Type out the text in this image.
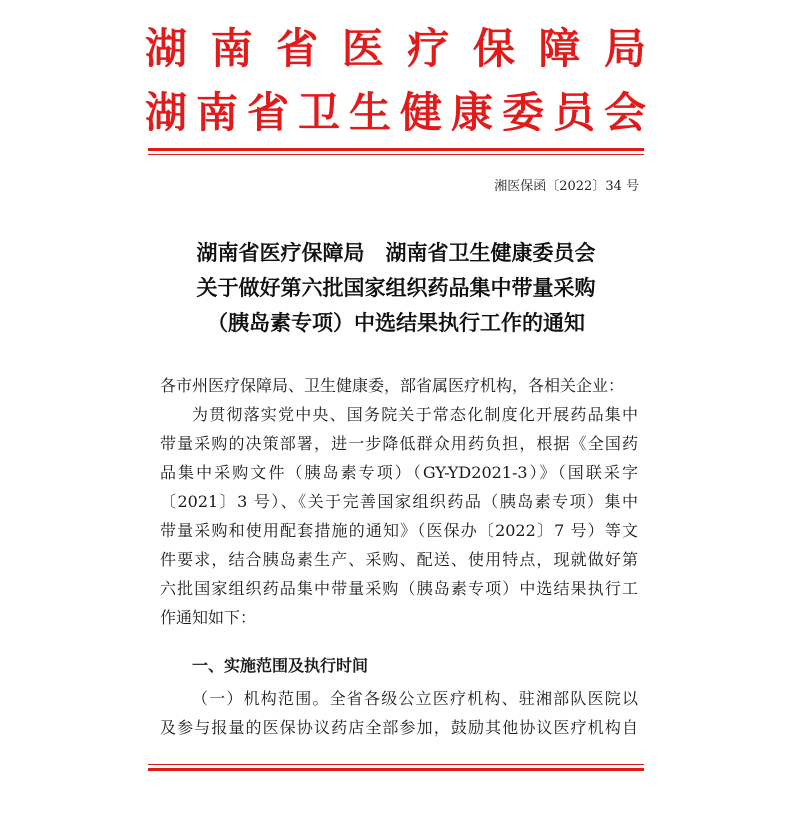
湖南省医疗保障局
湖南省卫生健康委员会
湘医保函〔2022〕34 号
湖南省医疗保障局　湖南省卫生健康委员会
关于做好第六批国家组织药品集中带量采购
（胰岛素专项）中选结果执行工作的通知
各市州医疗保障局、卫生健康委，部省属医疗机构，各相关企业：
为贯彻落实党中央、国务院关于常态化制度化开展药品集中
带量采购的决策部署，进一步降低群众用药负担，根据《全国药
品集中采购文件（胰岛素专项）（GY-YD2021-3）》（国联采字
〔2021〕3 号）、《关于完善国家组织药品（胰岛素专项）集中
带量采购和使用配套措施的通知》（医保办〔2022〕7 号）等文
件要求，结合胰岛素生产、采购、配送、使用特点，现就做好第
六批国家组织药品集中带量采购（胰岛素专项）中选结果执行工
作通知如下：
一、实施范围及执行时间
（一）机构范围。全省各级公立医疗机构、驻湘部队医院以
及参与报量的医保协议药店全部参加，鼓励其他协议医疗机构自
